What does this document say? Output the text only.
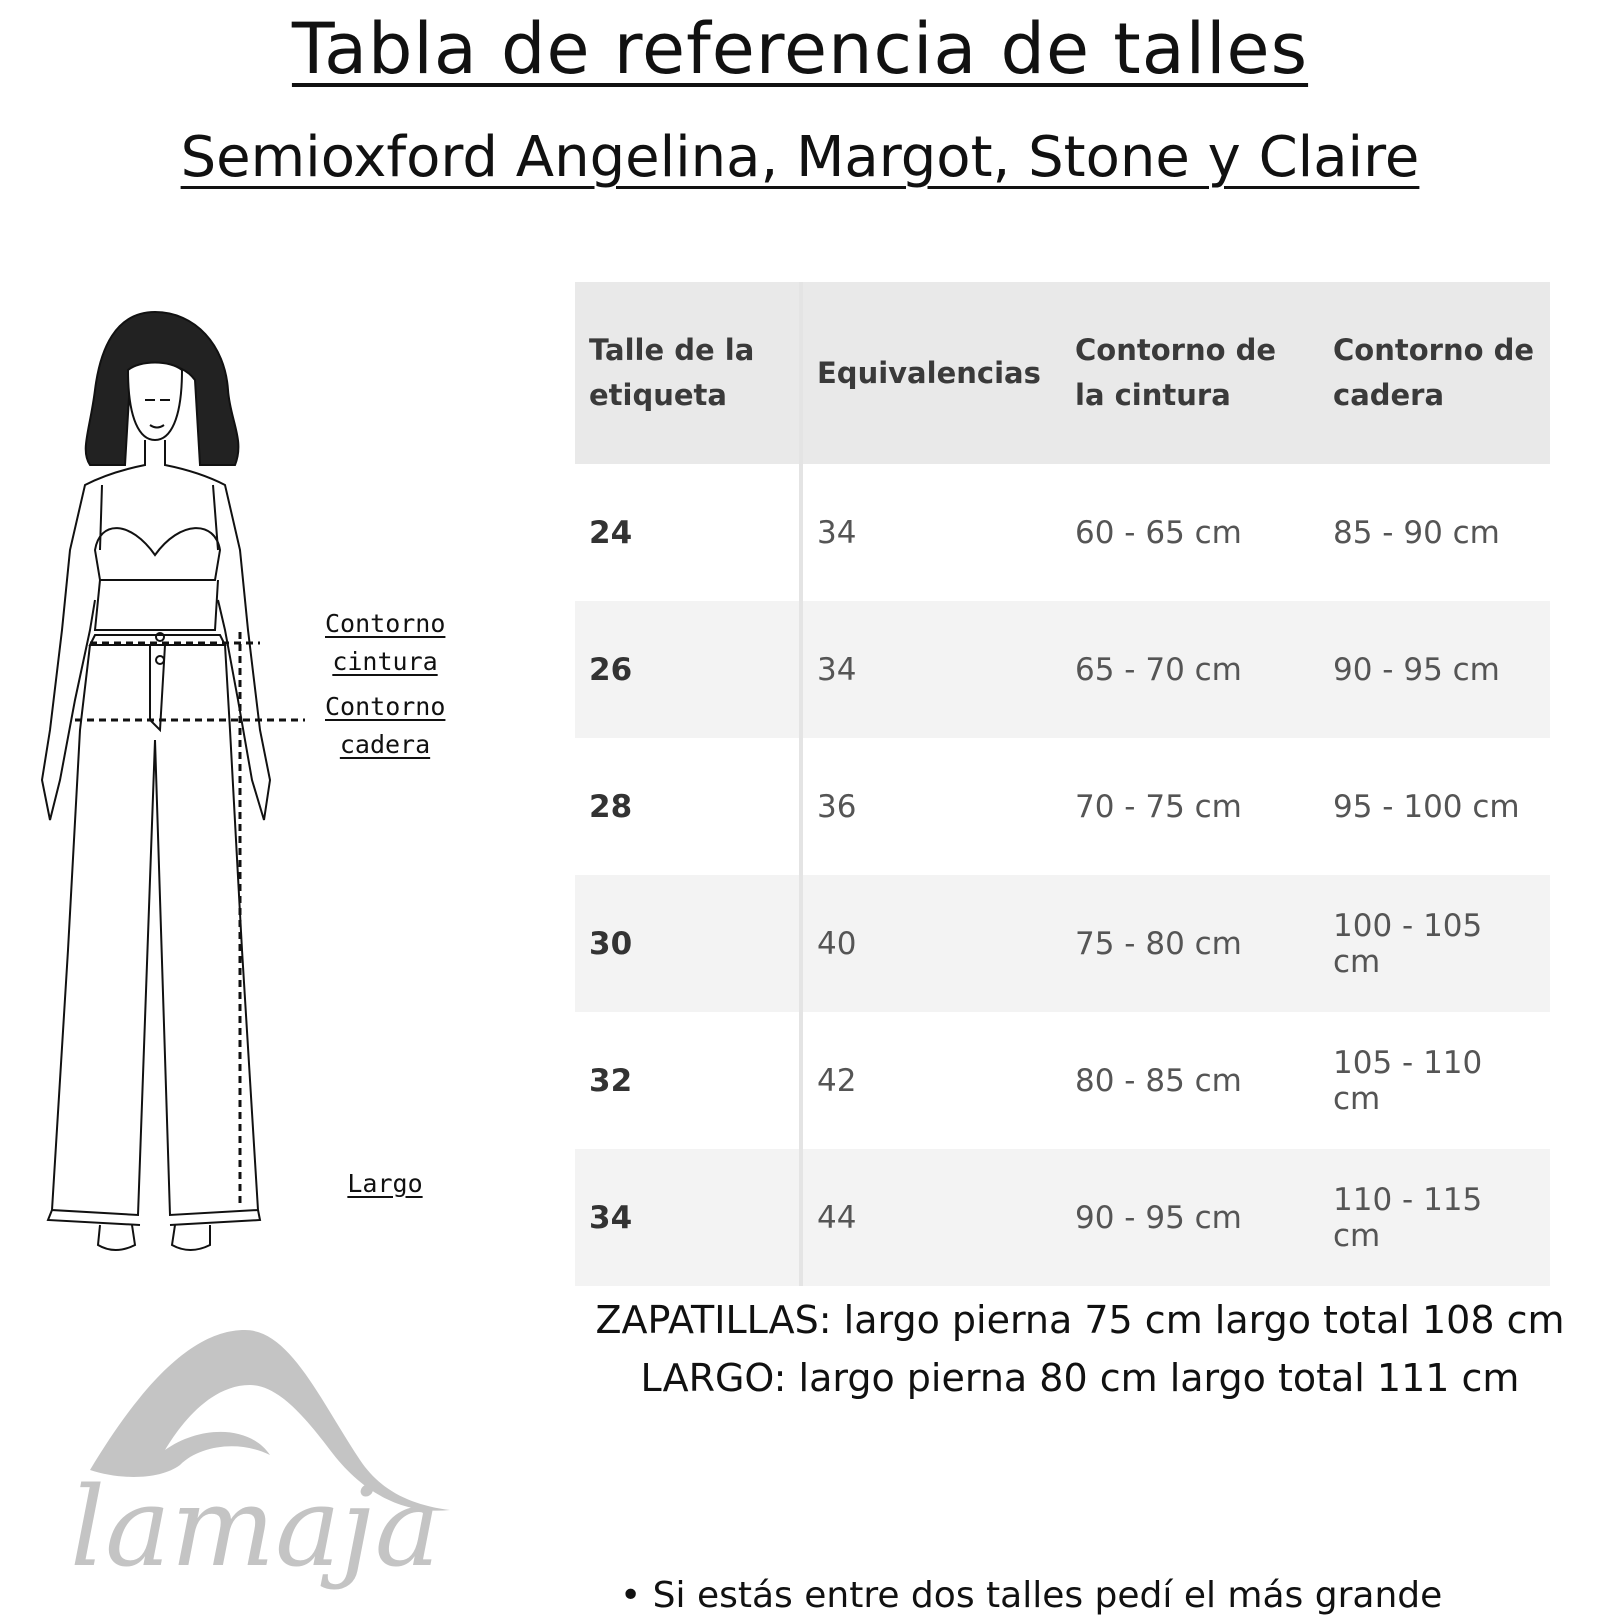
Tabla de referencia de talles
Semioxford Angelina, Margot, Stone y Claire
Contorno
cintura
Contorno
cadera
Largo
Talle de la etiqueta	Equivalencias	Contorno de la cintura	Contorno de cadera
24	34	60 - 65 cm	85 - 90 cm
26	34	65 - 70 cm	90 - 95 cm
28	36	70 - 75 cm	95 - 100 cm
30	40	75 - 80 cm	100 - 105 cm
32	42	80 - 85 cm	105 - 110 cm
34	44	90 - 95 cm	110 - 115 cm
ZAPATILLAS: largo pierna 75 cm largo total 108 cm
LARGO: largo pierna 80 cm largo total 111 cm
• Si estás entre dos talles pedí el más grande
lamaja
